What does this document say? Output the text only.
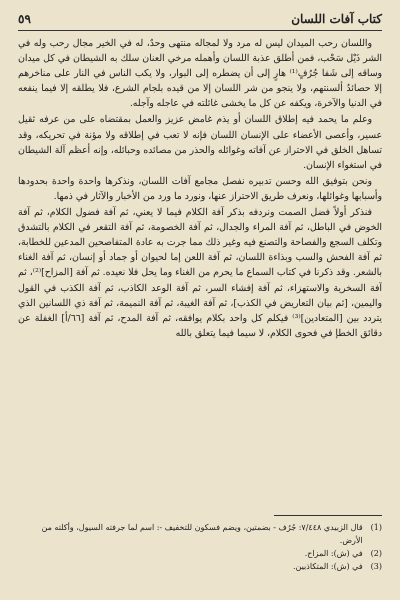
كتاب آفات اللسان
٥٩

واللسان رحب الميدان ليس له مرد ولا لمجاله منتهى وحدٌ، له في الخير مجال رحب وله في الشر ذَيْل سَحْب، فمن أطلق عذبة اللسان وأهمله مرخي العنان سلك به الشيطان في كل ميدان وساقه إلى شَفا جُرُفٍ⁽¹⁾ هارٍ إلى أن يضطره إلى البوار، ولا يكب الناس في النار على مناخرهم إلا حصائدُ ألسنتهم، ولا ينجو من شر اللسان إلا من قيده بلجام الشرع، فلا يطلقه إلا فيما ينفعه في الدنيا والآخرة، ويكفه عن كل ما يخشى غائلته في عاجله وآجله.

وعلم ما يحمد فيه إطلاق اللسان أو يذم غامض عزيز والعمل بمقتضاه على من عرفه ثقيل عسير، وأعصى الأعضاء على الإنسان اللسان فإنه لا تعب في إطلاقه ولا مؤنة في تحريكه، وقد تساهل الخلق في الاحتراز عن آفاته وغوائله والحذر من مصائده وحبائله، وإنه أعظم آلة الشيطان في استغواء الإنسان.

ونحن بتوفيق الله وحسن تدبيره نفصل مجامع آفات اللسان، ونذكرها واحدة واحدة بحدودها وأسبابها وغوائلها، ونعرف طريق الاحتراز عنها، ونورد ما ورد من الأخبار والآثار في ذمها.

فنذكر أولاً فضل الصمت ونردفه بذكر آفة الكلام فيما لا يعني، ثم آفة فضول الكلام، ثم آفة الخوض في الباطل، ثم آفة المراء والجدال، ثم آفة الخصومة، ثم آفة التقعر في الكلام بالتشدق وتكلف السجع والفصاحة والتصنع فيه وغير ذلك مما جرت به عادة المتفاصحين المدعين للخطابة، ثم آفة الفحش والسب وبذاءة اللسان، ثم آفة اللعن إما لحيوان أو جماد أو إنسان، ثم آفة الغناء بالشعر. وقد ذكرنا في كتاب السماع ما يحرم من الغناء وما يحل فلا نعيده. ثم آفة [المزاح]⁽²⁾، ثم آفة السخرية والاستهزاء، ثم آفة إفشاء السر، ثم آفة الوعد الكاذب، ثم آفة الكذب في القول واليمين، [ثم بيان التعاريض في الكذب]، ثم آفة الغيبة، ثم آفة النميمة، ثم آفة ذي اللسانين الذي يتردد بين [المتعادين]⁽³⁾ فيكلم كل واحد بكلام يوافقه، ثم آفة المدح، ثم آفة [٦٦/أ] الغفلة عن دقائق الخطإ في فحوى الكلام، لا سيما فيما يتعلق بالله

(1)
قال الزبيدي ٧/٤٤٨: جُرُف - بضمتين، ويضم فسكون للتخفيف -: اسم لما جرفته السيول، وأكلته من الأرض.
(2)
في (ش): المزاح.
(3)
في (ش): المتكاذبين.
